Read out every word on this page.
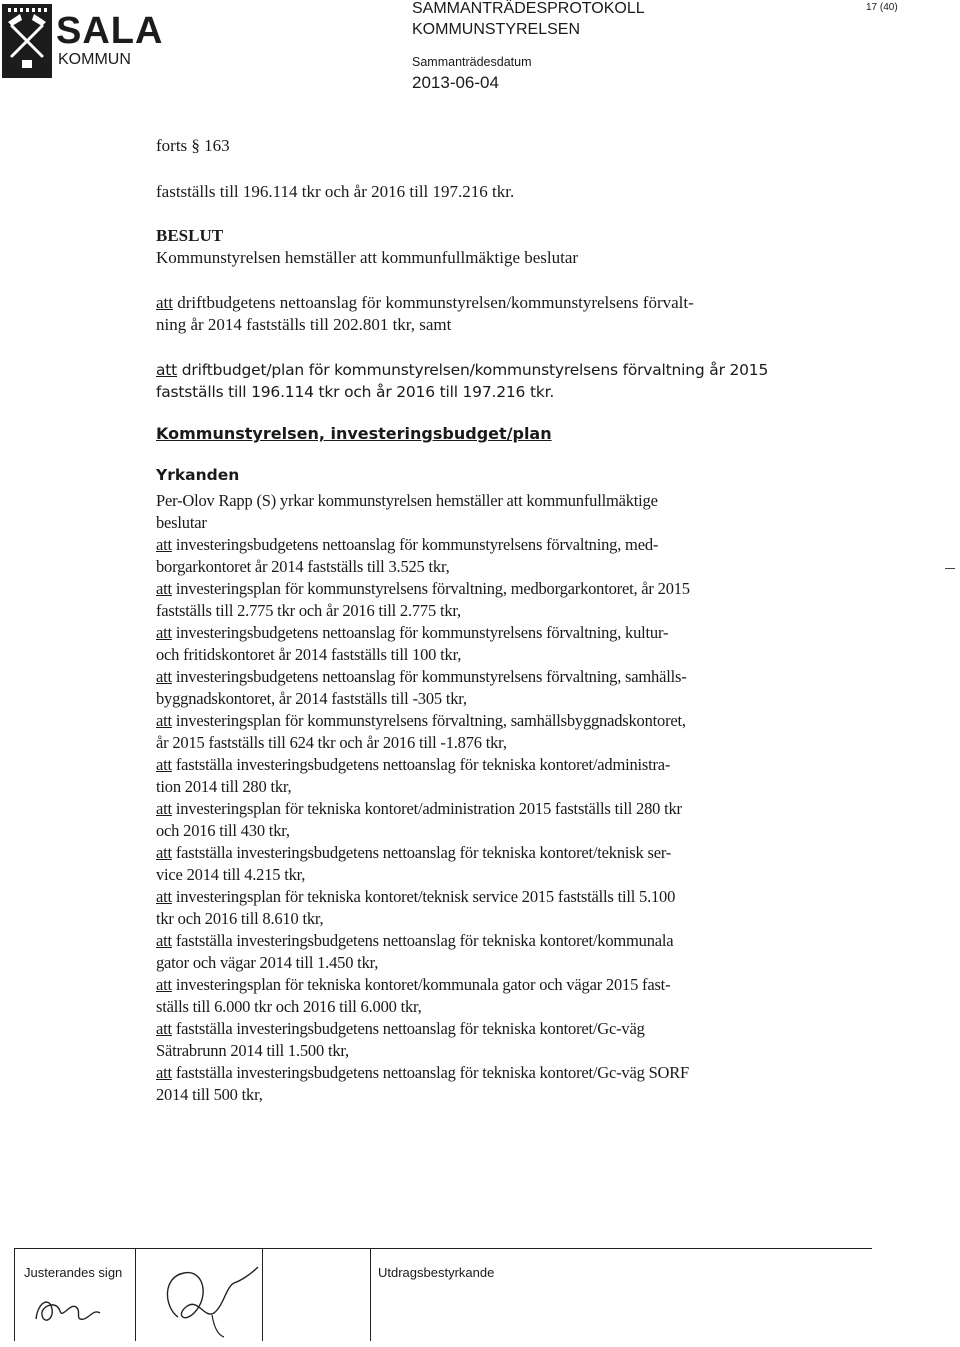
SALA
KOMMUN
SAMMANTRÄDESPROTOKOLL
KOMMUNSTYRELSEN
Sammanträdesdatum
2013-06-04
17 (40)
forts § 163
fastställs till 196.114 tkr och år 2016 till 197.216 tkr.
BESLUT
Kommunstyrelsen hemställer att kommunfullmäktige beslutar
att driftbudgetens nettoanslag för kommunstyrelsen/kommunstyrelsens förvalt-
ning år 2014 fastställs till 202.801 tkr, samt
att driftbudget/plan för kommunstyrelsen/kommunstyrelsens förvaltning år 2015
fastställs till 196.114 tkr och år 2016 till 197.216 tkr.
Kommunstyrelsen, investeringsbudget/plan
Yrkanden
Per-Olov Rapp (S) yrkar kommunstyrelsen hemställer att kommunfullmäktige
beslutar
att investeringsbudgetens nettoanslag för kommunstyrelsens förvaltning, med-
borgarkontoret år 2014 fastställs till 3.525 tkr,
att investeringsplan för kommunstyrelsens förvaltning, medborgarkontoret, år 2015
fastställs till 2.775 tkr och år 2016 till 2.775 tkr,
att investeringsbudgetens nettoanslag för kommunstyrelsens förvaltning, kultur-
och fritidskontoret år 2014 fastställs till 100 tkr,
att investeringsbudgetens nettoanslag för kommunstyrelsens förvaltning, samhälls-
byggnadskontoret, år 2014 fastställs till -305 tkr,
att investeringsplan för kommunstyrelsens förvaltning, samhällsbyggnadskontoret,
år 2015 fastställs till 624 tkr och år 2016 till -1.876 tkr,
att fastställa investeringsbudgetens nettoanslag för tekniska kontoret/administra-
tion 2014 till 280 tkr,
att investeringsplan för tekniska kontoret/administration 2015 fastställs till 280 tkr
och 2016 till 430 tkr,
att fastställa investeringsbudgetens nettoanslag för tekniska kontoret/teknisk ser-
vice 2014 till 4.215 tkr,
att investeringsplan för tekniska kontoret/teknisk service 2015 fastställs till 5.100
tkr och 2016 till 8.610 tkr,
att fastställa investeringsbudgetens nettoanslag för tekniska kontoret/kommunala
gator och vägar 2014 till 1.450 tkr,
att investeringsplan för tekniska kontoret/kommunala gator och vägar 2015 fast-
ställs till 6.000 tkr och 2016 till 6.000 tkr,
att fastställa investeringsbudgetens nettoanslag för tekniska kontoret/Gc-väg
Sätrabrunn 2014 till 1.500 tkr,
att fastställa investeringsbudgetens nettoanslag för tekniska kontoret/Gc-väg SORF
2014 till 500 tkr,
Justerandes sign	Utdragsbestyrkande
